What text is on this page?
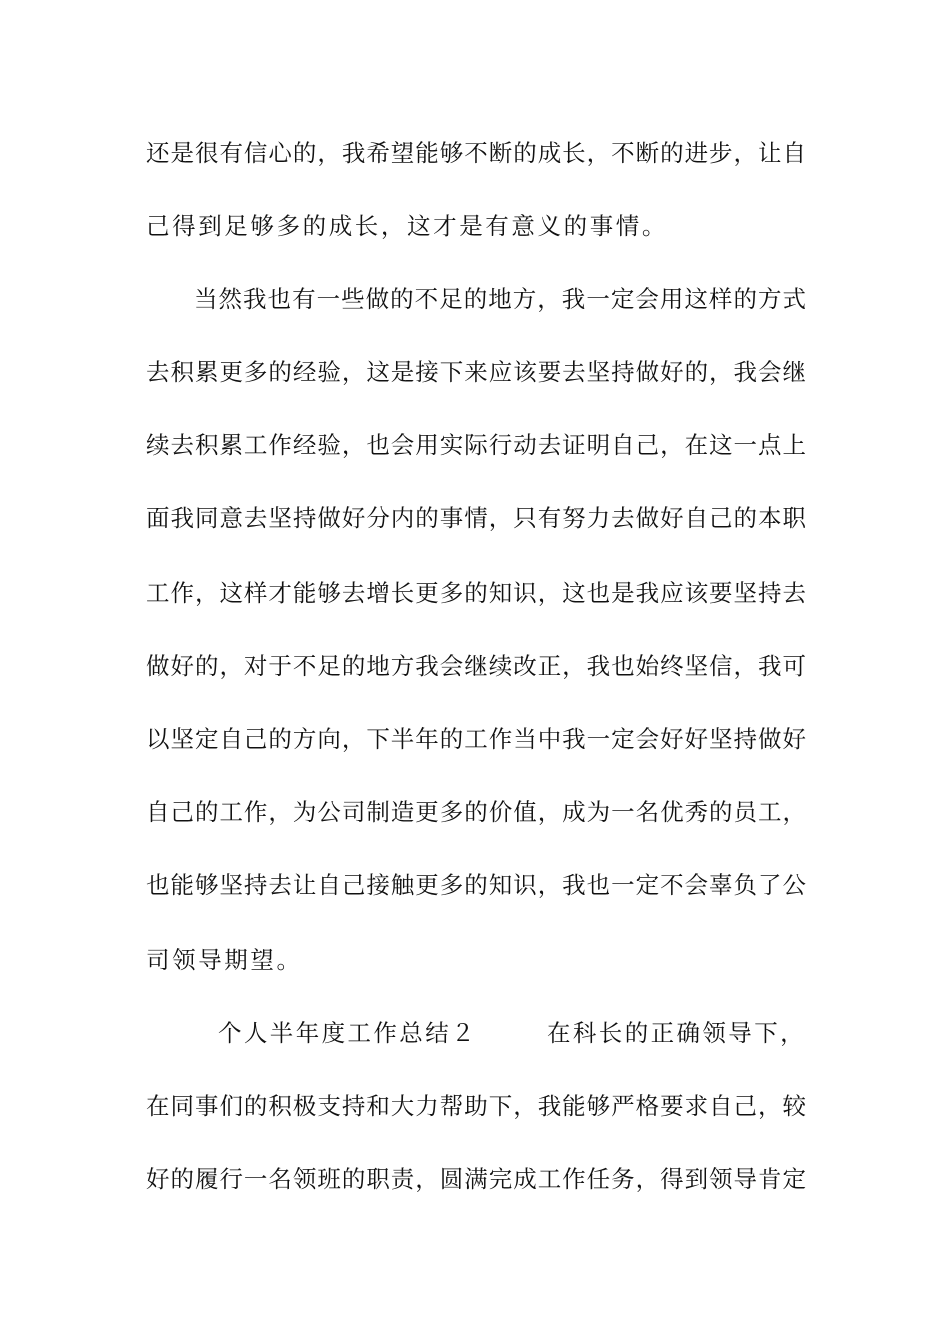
还是很有信心的，我希望能够不断的成长，不断的进步，让自
己得到足够多的成长，这才是有意义的事情。
当然我也有一些做的不足的地方，我一定会用这样的方式
去积累更多的经验，这是接下来应该要去坚持做好的，我会继
续去积累工作经验，也会用实际行动去证明自己，在这一点上
面我同意去坚持做好分内的事情，只有努力去做好自己的本职
工作，这样才能够去增长更多的知识，这也是我应该要坚持去
做好的，对于不足的地方我会继续改正，我也始终坚信，我可
以坚定自己的方向，下半年的工作当中我一定会好好坚持做好
自己的工作，为公司制造更多的价值，成为一名优秀的员工，
也能够坚持去让自己接触更多的知识，我也一定不会辜负了公
司领导期望。
个人半年度工作总结２	在科长的正确领导下，
在同事们的积极支持和大力帮助下，我能够严格要求自己，较
好的履行一名领班的职责，圆满完成工作任务，得到领导肯定
